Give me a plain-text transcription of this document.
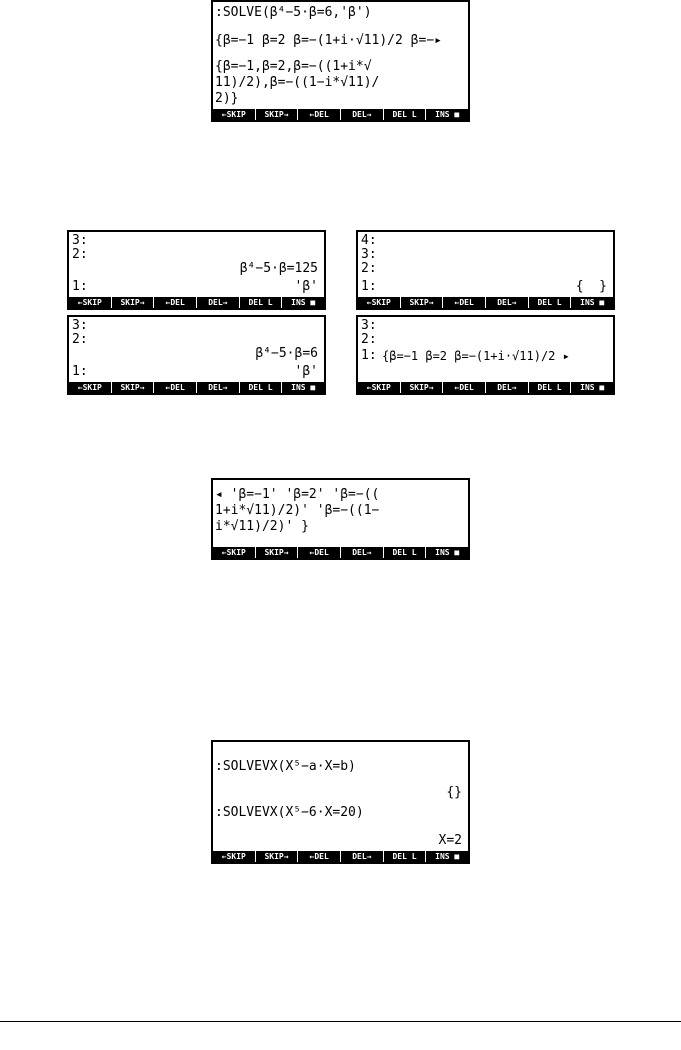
:SOLVE(β⁴−5·β=6,'β')
{β=−1 β=2 β=−(1+i·√11)/2 β=−▸
{β=−1,β=2,β=−((1+i*√
11)/2),β=−((1−i*√11)/
2)}
←SKIP	SKIP→	←DEL	DEL→	DEL L	INS ■
3:
2:
β⁴−5·β=125
1:	'β'
←SKIP	SKIP→	←DEL	DEL→	DEL L	INS ■
4:
3:
2:
1:	{  }
←SKIP	SKIP→	←DEL	DEL→	DEL L	INS ■
3:
2:
β⁴−5·β=6
1:	'β'
←SKIP	SKIP→	←DEL	DEL→	DEL L	INS ■
3:
2:
1: {β=−1 β=2 β=−(1+i·√11)/2 ▸
←SKIP	SKIP→	←DEL	DEL→	DEL L	INS ■
◂ 'β=−1' 'β=2' 'β=−((
1+i*√11)/2)' 'β=−((1−
i*√11)/2)' }
←SKIP	SKIP→	←DEL	DEL→	DEL L	INS ■
:SOLVEVX(X⁵−a·X=b)
{}
:SOLVEVX(X⁵−6·X=20)
X=2
←SKIP	SKIP→	←DEL	DEL→	DEL L	INS ■
